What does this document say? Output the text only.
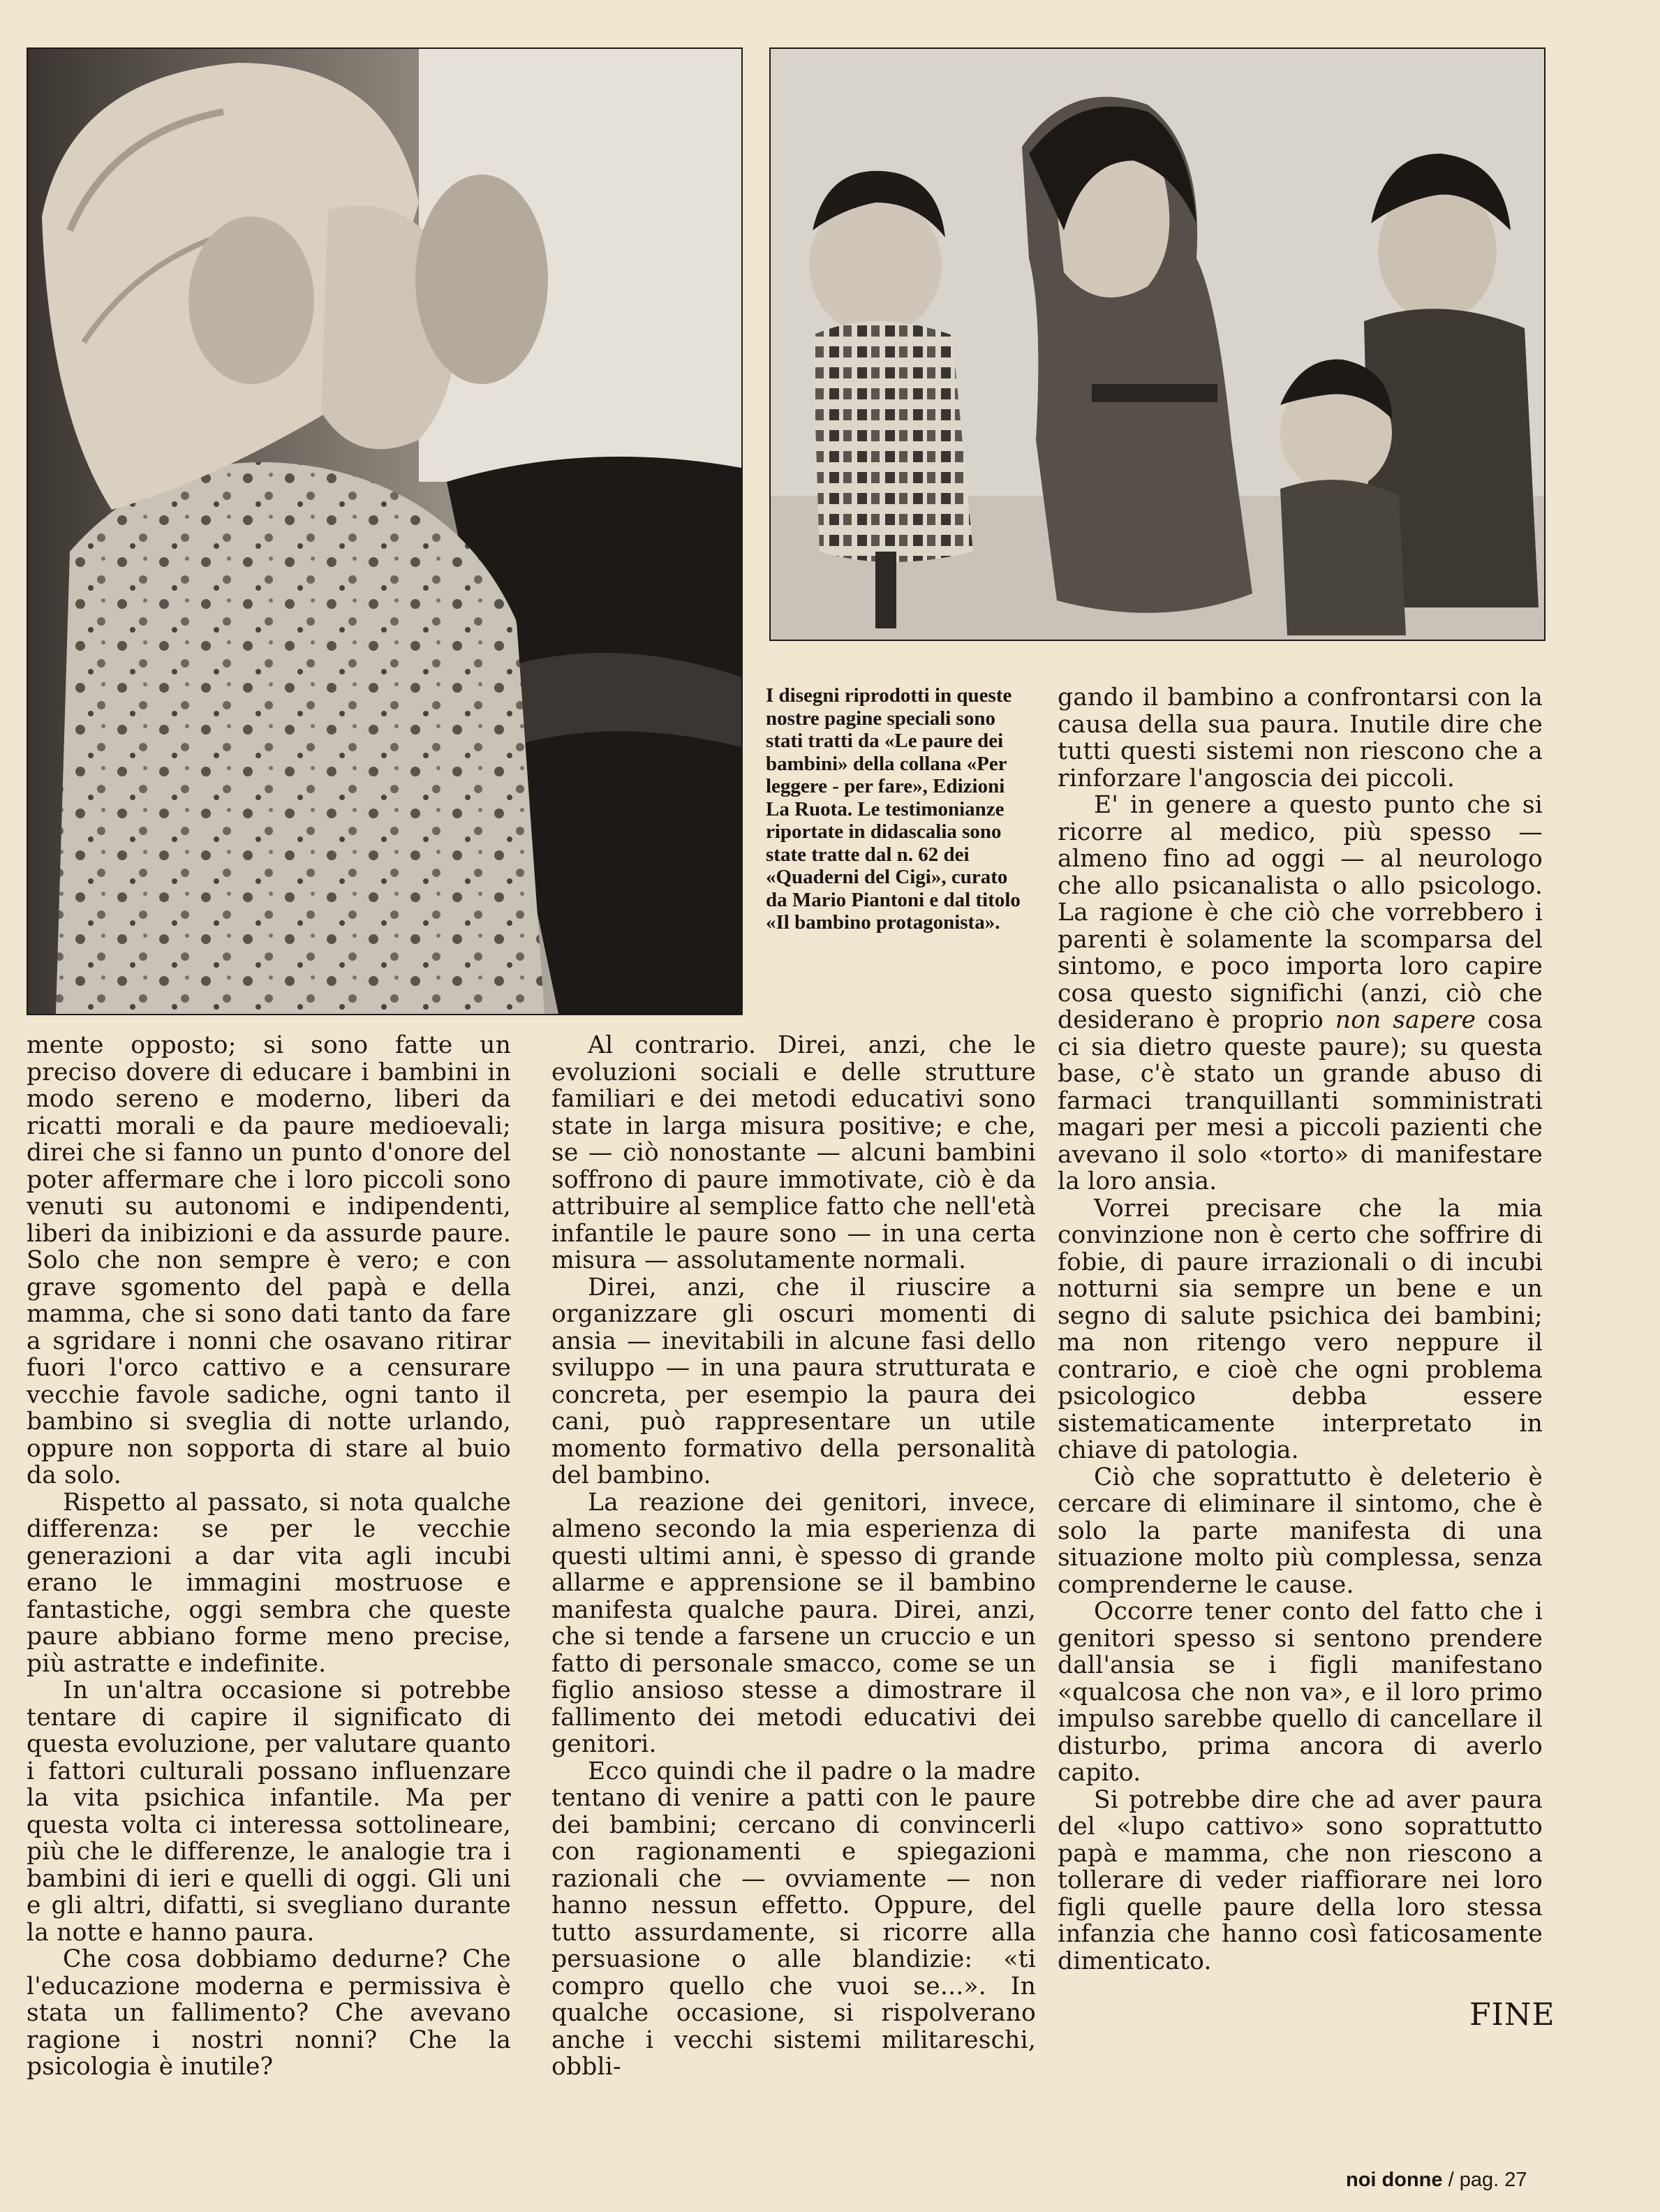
I disegni riprodotti in queste nostre pagine speciali sono stati tratti da «Le paure dei bambini» della collana «Per leggere - per fare», Edizioni La Ruota. Le testimonianze riportate in didascalia sono state tratte dal n. 62 dei «Quaderni del Cigi», curato da Mario Piantoni e dal titolo «Il bambino protagonista».

mente opposto; si sono fatte un preciso dovere di educare i bambini in modo sereno e moderno, liberi da ricatti morali e da paure medioevali; direi che si fanno un punto d'onore del poter affermare che i loro piccoli sono venuti su autonomi e indipendenti, liberi da inibizioni e da assurde paure. Solo che non sempre è vero; e con grave sgomento del papà e della mamma, che si sono dati tanto da fare a sgridare i nonni che osavano ritirar fuori l'orco cattivo e a censurare vecchie favole sadiche, ogni tanto il bambino si sveglia di notte urlando, oppure non sopporta di stare al buio da solo.

Rispetto al passato, si nota qualche differenza: se per le vecchie generazioni a dar vita agli incubi erano le immagini mostruose e fantastiche, oggi sembra che queste paure abbiano forme meno precise, più astratte e indefinite.

In un'altra occasione si potrebbe tentare di capire il significato di questa evoluzione, per valutare quanto i fattori culturali possano influenzare la vita psichica infantile. Ma per questa volta ci interessa sottolineare, più che le differenze, le analogie tra i bambini di ieri e quelli di oggi. Gli uni e gli altri, difatti, si svegliano durante la notte e hanno paura.

Che cosa dobbiamo dedurne? Che l'educazione moderna e permissiva è stata un fallimento? Che avevano ragione i nostri nonni? Che la psicologia è inutile?

Al contrario. Direi, anzi, che le evoluzioni sociali e delle strutture familiari e dei metodi educativi sono state in larga misura positive; e che, se — ciò nonostante — alcuni bambini soffrono di paure immotivate, ciò è da attribuire al semplice fatto che nell'età infantile le paure sono — in una certa misura — assolutamente normali.

Direi, anzi, che il riuscire a organizzare gli oscuri momenti di ansia — inevitabili in alcune fasi dello sviluppo — in una paura strutturata e concreta, per esempio la paura dei cani, può rappresentare un utile momento formativo della personalità del bambino.

La reazione dei genitori, invece, almeno secondo la mia esperienza di questi ultimi anni, è spesso di grande allarme e apprensione se il bambino manifesta qualche paura. Direi, anzi, che si tende a farsene un cruccio e un fatto di personale smacco, come se un figlio ansioso stesse a dimostrare il fallimento dei metodi educativi dei genitori.

Ecco quindi che il padre o la madre tentano di venire a patti con le paure dei bambini; cercano di convincerli con ragionamenti e spiegazioni razionali che — ovviamente — non hanno nessun effetto. Oppure, del tutto assurdamente, si ricorre alla persuasione o alle blandizie: «ti compro quello che vuoi se...». In qualche occasione, si rispolverano anche i vecchi sistemi militareschi, obbli-

gando il bambino a confrontarsi con la causa della sua paura. Inutile dire che tutti questi sistemi non riescono che a rinforzare l'angoscia dei piccoli.

E' in genere a questo punto che si ricorre al medico, più spesso — almeno fino ad oggi — al neurologo che allo psicanalista o allo psicologo. La ragione è che ciò che vorrebbero i parenti è solamente la scomparsa del sintomo, e poco importa loro capire cosa questo significhi (anzi, ciò che desiderano è proprio non sapere cosa ci sia dietro queste paure); su questa base, c'è stato un grande abuso di farmaci tranquillanti somministrati magari per mesi a piccoli pazienti che avevano il solo «torto» di manifestare la loro ansia.

Vorrei precisare che la mia convinzione non è certo che soffrire di fobie, di paure irrazionali o di incubi notturni sia sempre un bene e un segno di salute psichica dei bambini; ma non ritengo vero neppure il contrario, e cioè che ogni problema psicologico debba essere sistematicamente interpretato in chiave di patologia.

Ciò che soprattutto è deleterio è cercare di eliminare il sintomo, che è solo la parte manifesta di una situazione molto più complessa, senza comprenderne le cause.

Occorre tener conto del fatto che i genitori spesso si sentono prendere dall'ansia se i figli manifestano «qualcosa che non va», e il loro primo impulso sarebbe quello di cancellare il disturbo, prima ancora di averlo capito.

Si potrebbe dire che ad aver paura del «lupo cattivo» sono soprattutto papà e mamma, che non riescono a tollerare di veder riaffiorare nei loro figli quelle paure della loro stessa infanzia che hanno così faticosamente dimenticato.

FINE
noi donne / pag. 27
